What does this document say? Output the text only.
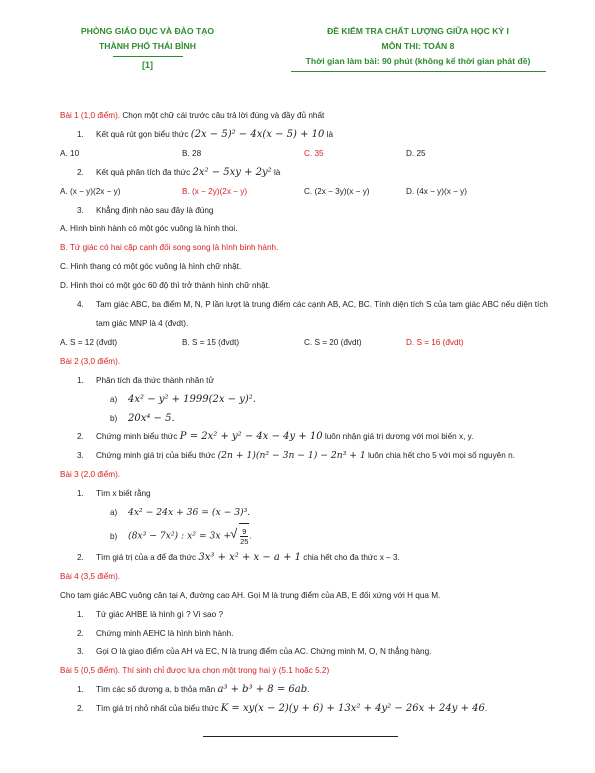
PHÒNG GIÁO DỤC VÀ ĐÀO TẠO
THÀNH PHỐ THÁI BÌNH
[1]
ĐỀ KIỂM TRA CHẤT LƯỢNG GIỮA HỌC KỲ I
MÔN THI: TOÁN 8
Thời gian làm bài: 90 phút (không kể thời gian phát đề)
Bài 1 (1,0 điểm). Chọn một chữ cái trước câu trả lời đúng và đầy đủ nhất
1. Kết quả rút gọn biểu thức (2x − 5)² − 4x(x − 5) + 10 là
A. 10	B. 28	C. 35	D. 25
2. Kết quả phân tích đa thức 2x² − 5xy + 2y² là
A. (x − y)(2x − y)	B. (x − 2y)(2x − y)	C. (2x − 3y)(x − y)	D. (4x − y)(x − y)
3. Khẳng định nào sau đây là đúng
A. Hình bình hành có một góc vuông là hình thoi.
B. Tứ giác có hai cặp cạnh đối song song là hình bình hành.
C. Hình thang có một góc vuông là hình chữ nhật.
D. Hình thoi có một góc 60 độ thì trở thành hình chữ nhật.
4. Tam giác ABC, ba điểm M, N, P lần lượt là trung điểm các cạnh AB, AC, BC. Tính diện tích S của tam giác ABC nếu diện tích tam giác MNP là 4 (đvdt).
A. S = 12 (đvdt)	B. S = 15 (đvdt)	C. S = 20 (đvdt)	D. S = 16 (đvdt)
Bài 2 (3,0 điểm).
1. Phân tích đa thức thành nhân tử
a) 4x² − y² + 1999(2x − y)².
b) 20x⁴ − 5.
2. Chứng minh biểu thức P = 2x² + y² − 4x − 4y + 10 luôn nhận giá trị dương với mọi biến x, y.
3. Chứng minh giá trị của biểu thức (2n + 1)(n² − 3n − 1) − 2n³ + 1 luôn chia hết cho 5 với mọi số nguyên n.
Bài 3 (2,0 điểm).
1. Tìm x biết rằng
a) 4x² − 24x + 36 = (x − 3)³.
b) (8x³ − 7x²) : x² = 3x +
√ $\frac{9}{25}$ .
2. Tìm giá trị của a để đa thức 3x³ + x² + x − a + 1 chia hết cho đa thức x – 3.
Bài 4 (3,5 điểm).
Cho tam giác ABC vuông cân tại A, đường cao AH. Gọi M là trung điểm của AB, E đối xứng với H qua M.
1. Tứ giác AHBE là hình gì ? Vì sao ?
2. Chứng minh AEHC là hình bình hành.
3. Gọi O là giao điểm của AH và EC, N là trung điểm của AC. Chứng minh M, O, N thẳng hàng.
Bài 5 (0,5 điểm). Thí sinh chỉ được lựa chọn một trong hai ý (5.1 hoặc 5.2)
1. Tìm các số dương a, b thỏa mãn a³ + b³ + 8 = 6ab.
2. Tìm giá trị nhỏ nhất của biểu thức K = xy(x − 2)(y + 6) + 13x² + 4y² − 26x + 24y + 46.
